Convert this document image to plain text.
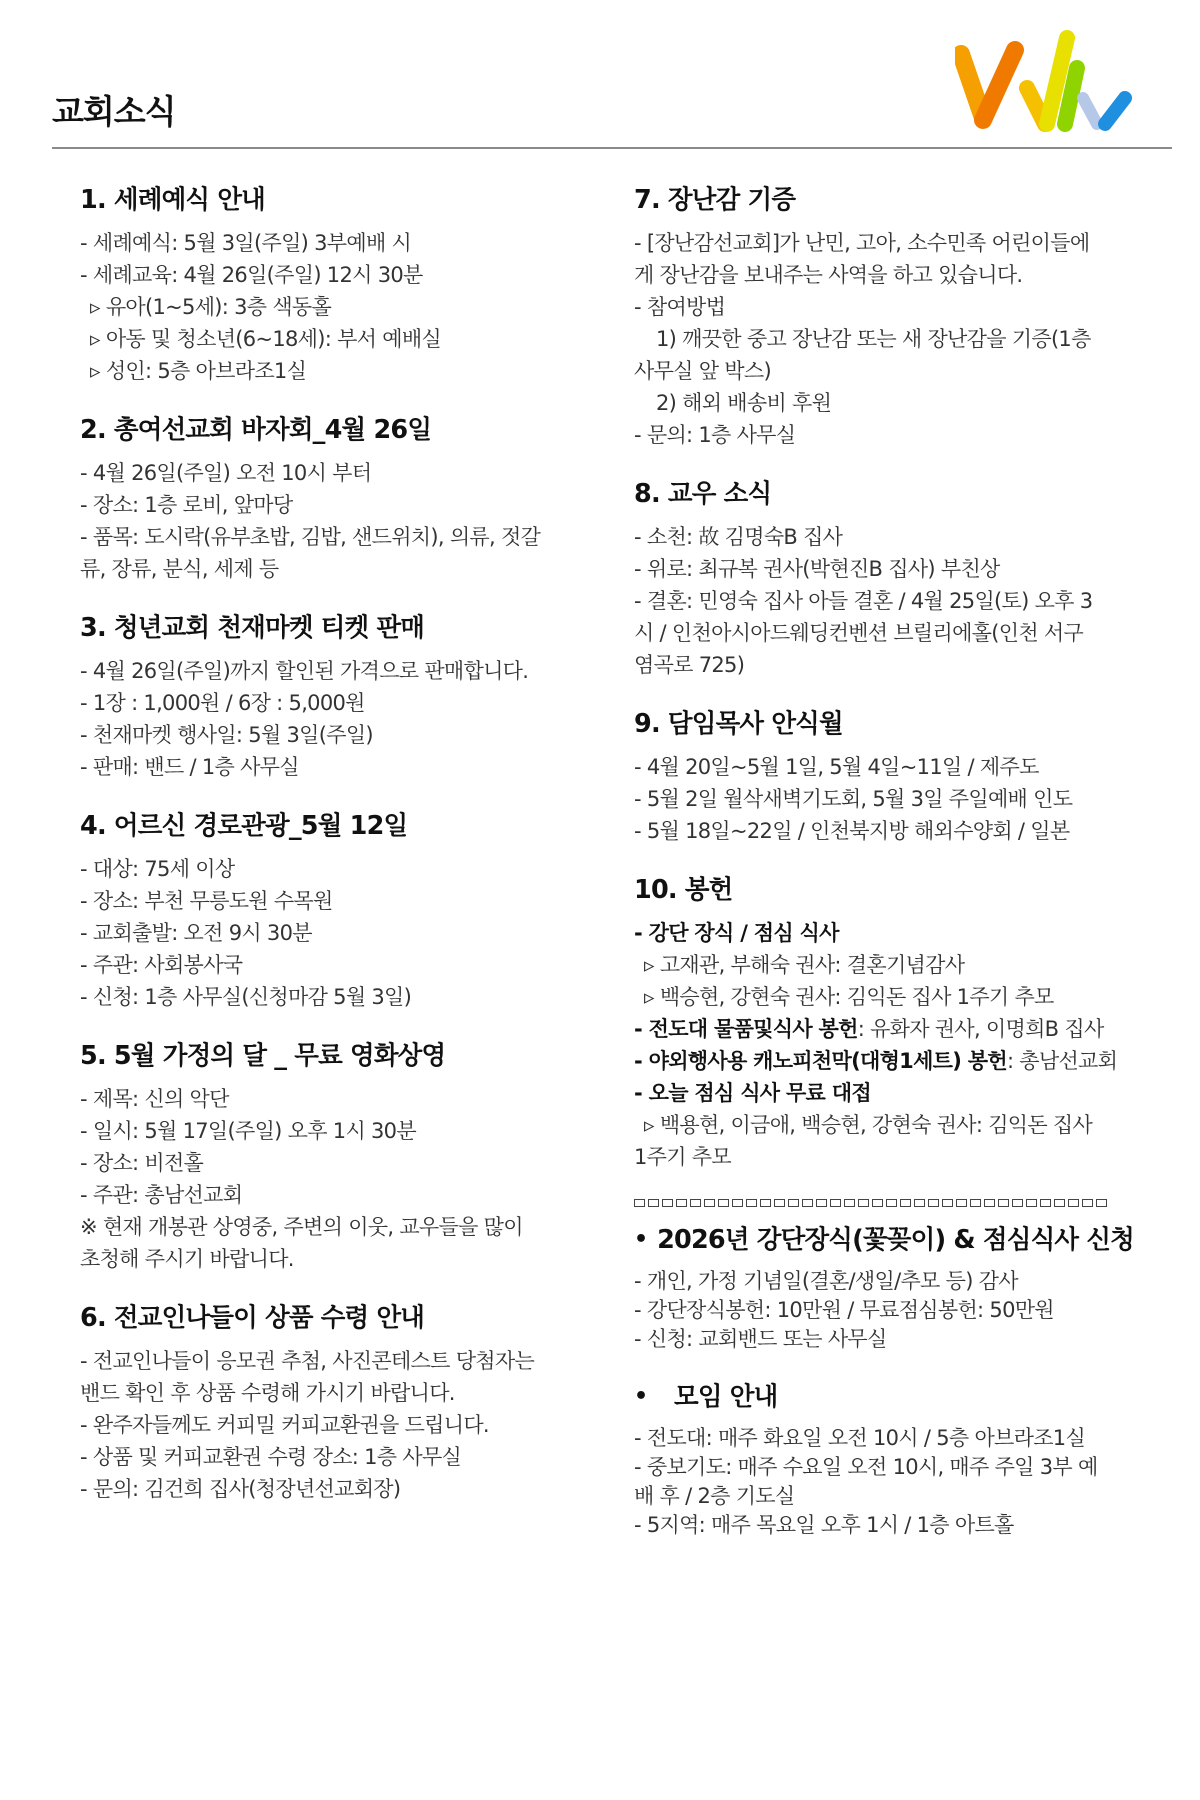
교회소식
1. 세례예식 안내
- 세례예식: 5월 3일(주일) 3부예배 시
- 세례교육: 4월 26일(주일) 12시 30분
▹ 유아(1~5세): 3층 색동홀
▹ 아동 및 청소년(6~18세): 부서 예배실
▹ 성인: 5층 아브라조1실
2. 총여선교회 바자회_4월 26일
- 4월 26일(주일) 오전 10시 부터
- 장소: 1층 로비, 앞마당
- 품목: 도시락(유부초밥, 김밥, 샌드위치), 의류, 젓갈
류, 장류, 분식, 세제 등
3. 청년교회 천재마켓 티켓 판매
- 4월 26일(주일)까지 할인된 가격으로 판매합니다.
- 1장 : 1,000원 / 6장 : 5,000원
- 천재마켓 행사일: 5월 3일(주일)
- 판매: 밴드 / 1층 사무실
4. 어르신 경로관광_5월 12일
- 대상: 75세 이상
- 장소: 부천 무릉도원 수목원
- 교회출발: 오전 9시 30분
- 주관: 사회봉사국
- 신청: 1층 사무실(신청마감 5월 3일)
5. 5월 가정의 달 _ 무료 영화상영
- 제목: 신의 악단
- 일시: 5월 17일(주일) 오후 1시 30분
- 장소: 비전홀
- 주관: 총남선교회
※ 현재 개봉관 상영중, 주변의 이웃, 교우들을 많이
초청해 주시기 바랍니다.
6. 전교인나들이 상품 수령 안내
- 전교인나들이 응모권 추첨, 사진콘테스트 당첨자는
밴드 확인 후 상품 수령해 가시기 바랍니다.
- 완주자들께도 커피밀 커피교환권을 드립니다.
- 상품 및 커피교환권 수령 장소: 1층 사무실
- 문의: 김건희 집사(청장년선교회장)
7. 장난감 기증
- [장난감선교회]가 난민, 고아, 소수민족 어린이들에
게 장난감을 보내주는 사역을 하고 있습니다.
- 참여방법
1) 깨끗한 중고 장난감 또는 새 장난감을 기증(1층
사무실 앞 박스)
2) 해외 배송비 후원
- 문의: 1층 사무실
8. 교우 소식
- 소천: 故 김명숙B 집사
- 위로: 최규복 권사(박현진B 집사) 부친상
- 결혼: 민영숙 집사 아들 결혼 / 4월 25일(토) 오후 3
시 / 인천아시아드웨딩컨벤션 브릴리에홀(인천 서구
염곡로 725)
9. 담임목사 안식월
- 4월 20일~5월 1일, 5월 4일~11일 / 제주도
- 5월 2일 월삭새벽기도회, 5월 3일 주일예배 인도
- 5월 18일~22일 / 인천북지방 해외수양회 / 일본
10. 봉헌
- 강단 장식 / 점심 식사
▹ 고재관, 부해숙 권사: 결혼기념감사
▹ 백승현, 강현숙 권사: 김익돈 집사 1주기 추모
- 전도대 물품및식사 봉헌: 유화자 권사, 이명희B 집사
- 야외행사용 캐노피천막(대형1세트) 봉헌: 총남선교회
- 오늘 점심 식사 무료 대접
▹ 백용현, 이금애, 백승현, 강현숙 권사: 김익돈 집사
1주기 추모
• 2026년 강단장식(꽃꽂이) & 점심식사 신청
- 개인, 가정 기념일(결혼/생일/추모 등) 감사
- 강단장식봉헌: 10만원 / 무료점심봉헌: 50만원
- 신청: 교회밴드 또는 사무실
•	모임 안내
- 전도대: 매주 화요일 오전 10시 / 5층 아브라조1실
- 중보기도: 매주 수요일 오전 10시, 매주 주일 3부 예
배 후 / 2층 기도실
- 5지역: 매주 목요일 오후 1시 / 1층 아트홀
